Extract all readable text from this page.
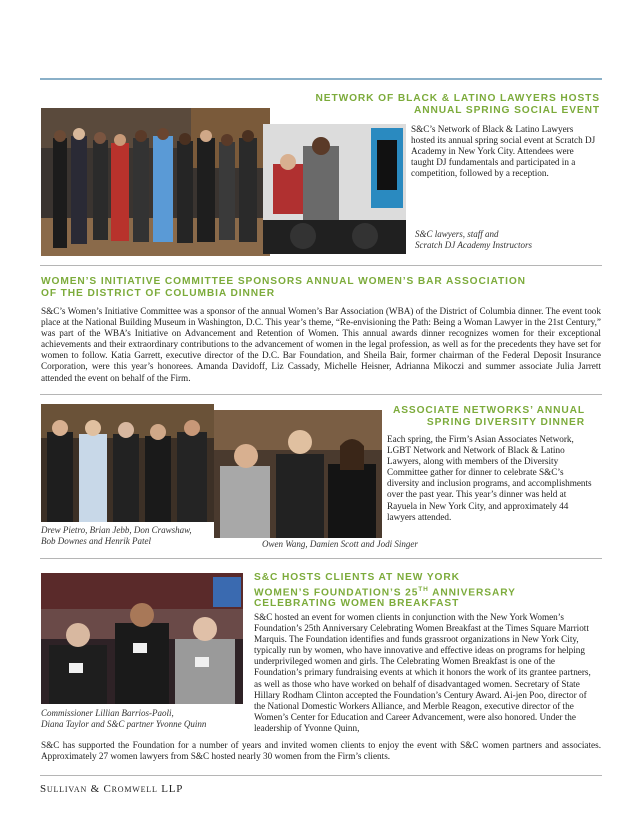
NETWORK OF BLACK & LATINO LAWYERS HOSTS
ANNUAL SPRING SOCIAL EVENT
S&C’s Network of Black & Latino Lawyers hosted its annual spring social event at Scratch DJ Academy in New York City. Attendees were taught DJ fundamentals and participated in a competition, followed by a reception.
S&C lawyers, staff and
Scratch DJ Academy Instructors
WOMEN’S INITIATIVE COMMITTEE SPONSORS ANNUAL WOMEN’S BAR ASSOCIATION
OF THE DISTRICT OF COLUMBIA DINNER
S&C’s Women’s Initiative Committee was a sponsor of the annual Women’s Bar Association (WBA) of the District of Columbia dinner. The event took place at the National Building Museum in Washington, D.C. This year’s theme, “Re-envisioning the Path: Being a Woman Lawyer in the 21st Century,” was part of the WBA’s Initiative on Advancement and Retention of Women. This annual awards dinner recognizes women for their exceptional achievements and their extraordinary contributions to the advancement of women in the legal profession, as well as for the precedents they have set for women to follow. Katia Garrett, executive director of the D.C. Bar Foundation, and Sheila Bair, former chairman of the Federal Deposit Insurance Corporation, were this year’s honorees. Amanda Davidoff, Liz Cassady, Michelle Heisner, Adrianna Mikoczi and summer associate Julia Jarrett attended the event on behalf of the Firm.
ASSOCIATE NETWORKS’ ANNUAL
SPRING DIVERSITY DINNER
Each spring, the Firm’s Asian Associates Network, LGBT Network and Network of Black & Latino Lawyers, along with members of the Diversity Committee gather for dinner to celebrate S&C’s diversity and inclusion programs, and accomplishments over the past year. This year’s dinner was held at Rayuela in New York City, and approximately 44 lawyers attended.
Drew Pietro, Brian Jebb, Don Crawshaw,
Bob Downes and Henrik Patel	Owen Wang, Damien Scott and Jodi Singer
S&C HOSTS CLIENTS AT NEW YORK
WOMEN’S FOUNDATION’S 25TH ANNIVERSARY
CELEBRATING WOMEN BREAKFAST
S&C hosted an event for women clients in conjunction with the New York Women’s Foundation’s 25th Anniversary Celebrating Women Breakfast at the Times Square Marriott Marquis. The Foundation identifies and funds grassroot organizations in New York City, typically run by women, who have innovative and effective ideas on programs for helping underprivileged women and girls. The Celebrating Women Breakfast is one of the Foundation’s primary fundraising events at which it honors the work of its grantee partners, as well as those who have worked on behalf of disadvantaged women. Secretary of State Hillary Rodham Clinton accepted the Foundation’s Century Award. Ai-jen Poo, director of the National Domestic Workers Alliance, and Merble Reagon, executive director of the Women’s Center for Education and Career Advancement, were also honored. Under the leadership of Yvonne Quinn,
Commissioner Lillian Barrios-Paoli,
Diana Taylor and S&C partner Yvonne Quinn
S&C has supported the Foundation for a number of years and invited women clients to enjoy the event with S&C women partners and associates. Approximately 27 women lawyers from S&C hosted nearly 30 women from the Firm’s clients.
Sullivan & Cromwell LLP
